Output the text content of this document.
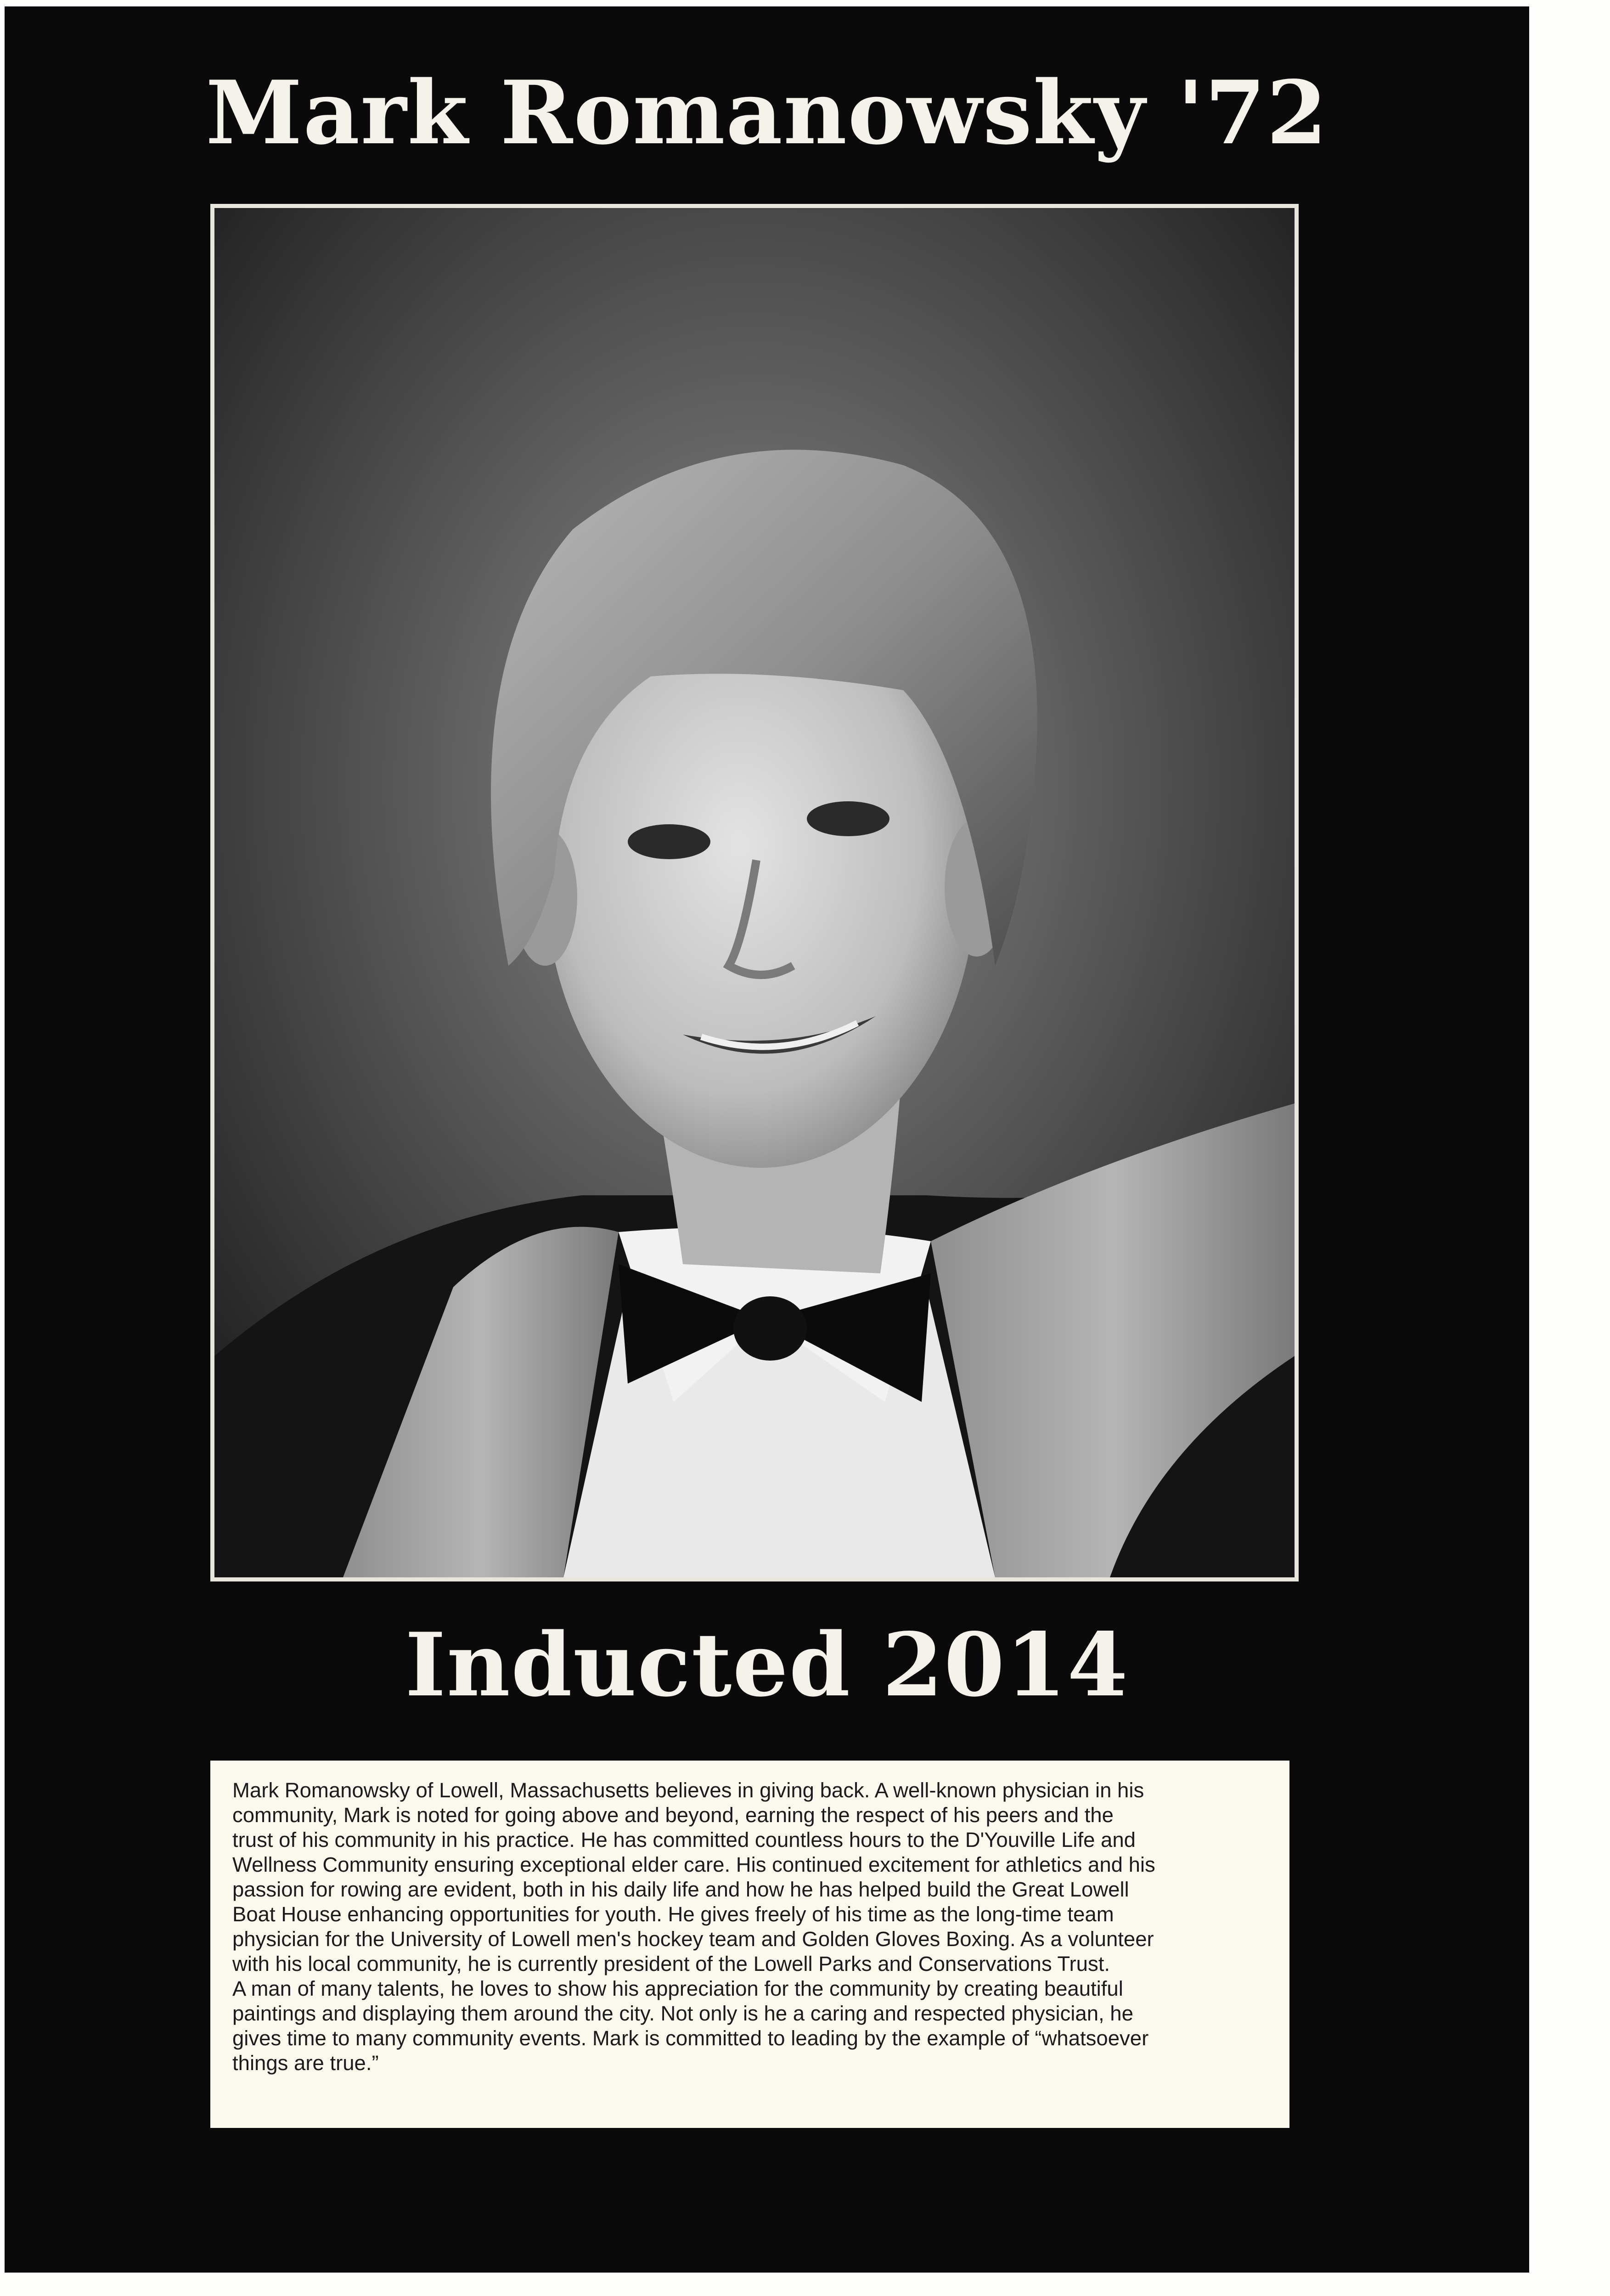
Mark Romanowsky '72
Inducted 2014

Mark Romanowsky of Lowell, Massachusetts believes in giving back. A well-known physician in his
community, Mark is noted for going above and beyond, earning the respect of his peers and the
trust of his community in his practice. He has committed countless hours to the D'Youville Life and
Wellness Community ensuring exceptional elder care. His continued excitement for athletics and his
passion for rowing are evident, both in his daily life and how he has helped build the Great Lowell
Boat House enhancing opportunities for youth. He gives freely of his time as the long-time team
physician for the University of Lowell men's hockey team and Golden Gloves Boxing. As a volunteer
with his local community, he is currently president of the Lowell Parks and Conservations Trust.
A man of many talents, he loves to show his appreciation for the community by creating beautiful
paintings and displaying them around the city. Not only is he a caring and respected physician, he
gives time to many community events. Mark is committed to leading by the example of “whatsoever
things are true.”
